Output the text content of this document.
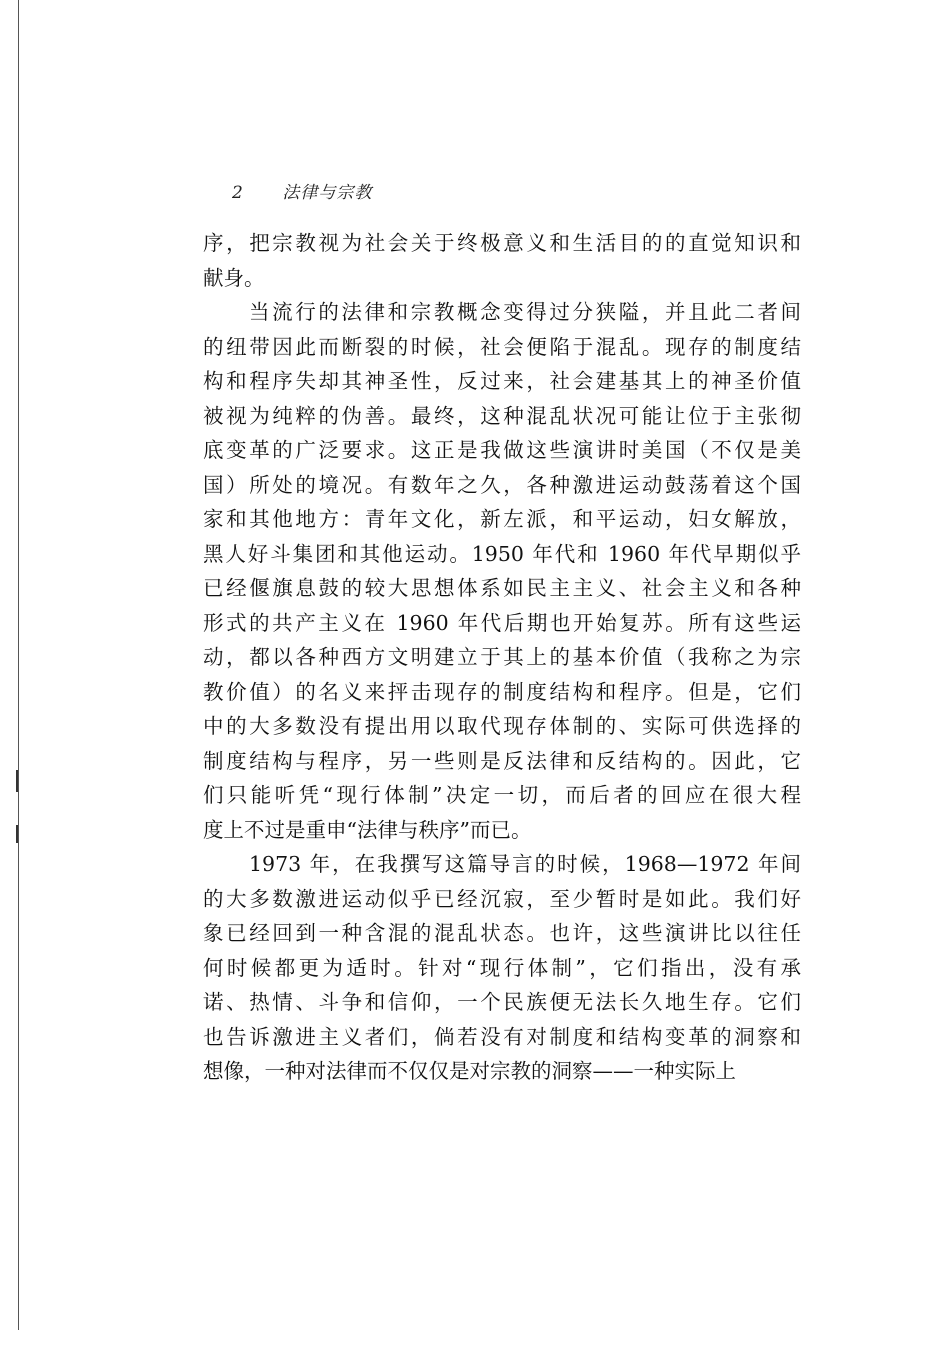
2 法律与宗教
序，把宗教视为社会关于终极意义和生活目的的直觉知识和
献身。
当流行的法律和宗教概念变得过分狭隘，并且此二者间
的纽带因此而断裂的时候，社会便陷于混乱。现存的制度结
构和程序失却其神圣性，反过来，社会建基其上的神圣价值
被视为纯粹的伪善。最终，这种混乱状况可能让位于主张彻
底变革的广泛要求。这正是我做这些演讲时美国（不仅是美
国）所处的境况。有数年之久，各种激进运动鼓荡着这个国
家和其他地方：青年文化，新左派，和平运动，妇女解放，
黑人好斗集团和其他运动。1950 年代和 1960 年代早期似乎
已经偃旗息鼓的较大思想体系如民主主义、社会主义和各种
形式的共产主义在 1960 年代后期也开始复苏。所有这些运
动，都以各种西方文明建立于其上的基本价值（我称之为宗
教价值）的名义来抨击现存的制度结构和程序。但是，它们
中的大多数没有提出用以取代现存体制的、实际可供选择的
制度结构与程序，另一些则是反法律和反结构的。因此，它
们只能听凭“现行体制”决定一切，而后者的回应在很大程
度上不过是重申“法律与秩序”而已。
1973 年，在我撰写这篇导言的时候，1968—1972 年间
的大多数激进运动似乎已经沉寂，至少暂时是如此。我们好
象已经回到一种含混的混乱状态。也许，这些演讲比以往任
何时候都更为适时。针对“现行体制”，它们指出，没有承
诺、热情、斗争和信仰，一个民族便无法长久地生存。它们
也告诉激进主义者们，倘若没有对制度和结构变革的洞察和
想像，一种对法律而不仅仅是对宗教的洞察——一种实际上
